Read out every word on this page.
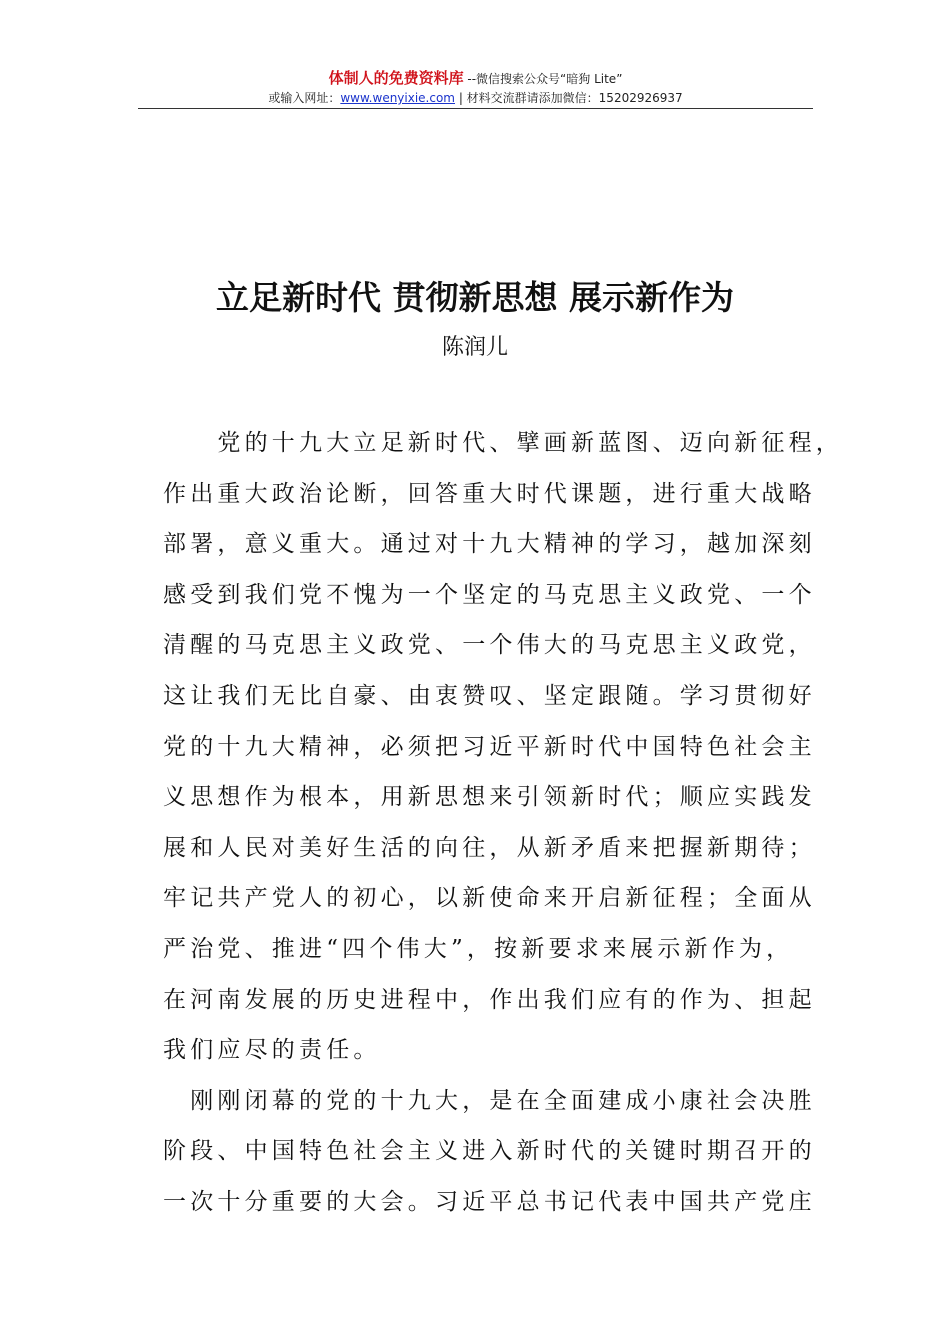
体制人的免费资料库 --微信搜索公众号“暗狗 Lite”
或输入网址：www.wenyixie.com | 材料交流群请添加微信：15202926937
立足新时代 贯彻新思想 展示新作为
陈润儿
　　党的十九大立足新时代、擘画新蓝图、迈向新征程，
作出重大政治论断，回答重大时代课题，进行重大战略
部署，意义重大。通过对十九大精神的学习，越加深刻
感受到我们党不愧为一个坚定的马克思主义政党、一个
清醒的马克思主义政党、一个伟大的马克思主义政党，
这让我们无比自豪、由衷赞叹、坚定跟随。学习贯彻好
党的十九大精神，必须把习近平新时代中国特色社会主
义思想作为根本，用新思想来引领新时代；顺应实践发
展和人民对美好生活的向往，从新矛盾来把握新期待；
牢记共产党人的初心，以新使命来开启新征程；全面从
严治党、推进“四个伟大”，按新要求来展示新作为，
在河南发展的历史进程中，作出我们应有的作为、担起
我们应尽的责任。
　刚刚闭幕的党的十九大，是在全面建成小康社会决胜
阶段、中国特色社会主义进入新时代的关键时期召开的
一次十分重要的大会。习近平总书记代表中国共产党庄
